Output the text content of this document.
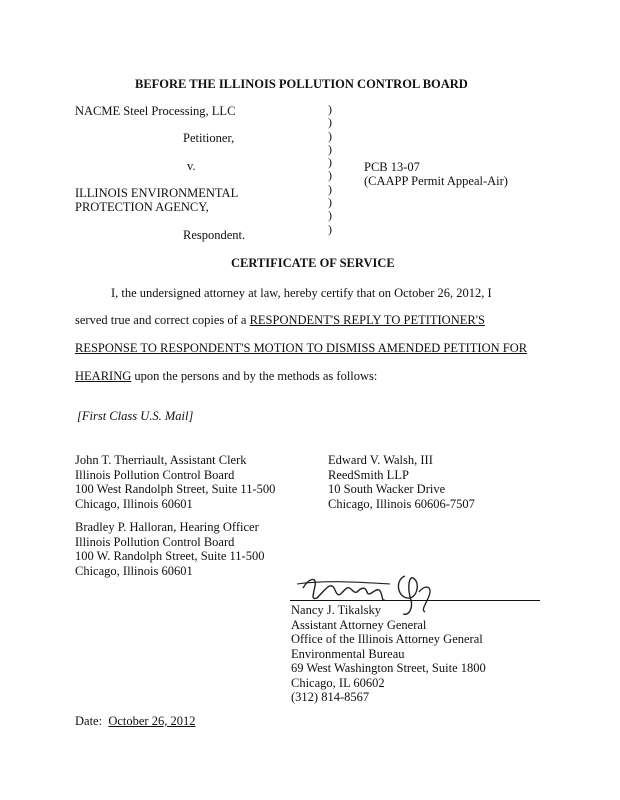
BEFORE THE ILLINOIS POLLUTION CONTROL BOARD
NACME Steel Processing, LLC
Petitioner,
v.
ILLINOIS ENVIRONMENTAL
PROTECTION AGENCY,
Respondent.
)
)
)
)
)
)
)
)
)
)
PCB 13-07
(CAAPP Permit Appeal-Air)
CERTIFICATE OF SERVICE
I, the undersigned attorney at law, hereby certify that on October 26, 2012, I
served true and correct copies of a RESPONDENT'S REPLY TO PETITIONER'S
RESPONSE TO RESPONDENT'S MOTION TO DISMISS AMENDED PETITION FOR
HEARING upon the persons and by the methods as follows:
[First Class U.S. Mail]
John T. Therriault, Assistant Clerk
Illinois Pollution Control Board
100 West Randolph Street, Suite 11-500
Chicago, Illinois 60601
Edward V. Walsh, III
ReedSmith LLP
10 South Wacker Drive
Chicago, Illinois 60606-7507
Bradley P. Halloran, Hearing Officer
Illinois Pollution Control Board
100 W. Randolph Street, Suite 11-500
Chicago, Illinois 60601
Nancy J. Tikalsky
Assistant Attorney General
Office of the Illinois Attorney General
Environmental Bureau
69 West Washington Street, Suite 1800
Chicago, IL 60602
(312) 814-8567
Date: October 26, 2012
